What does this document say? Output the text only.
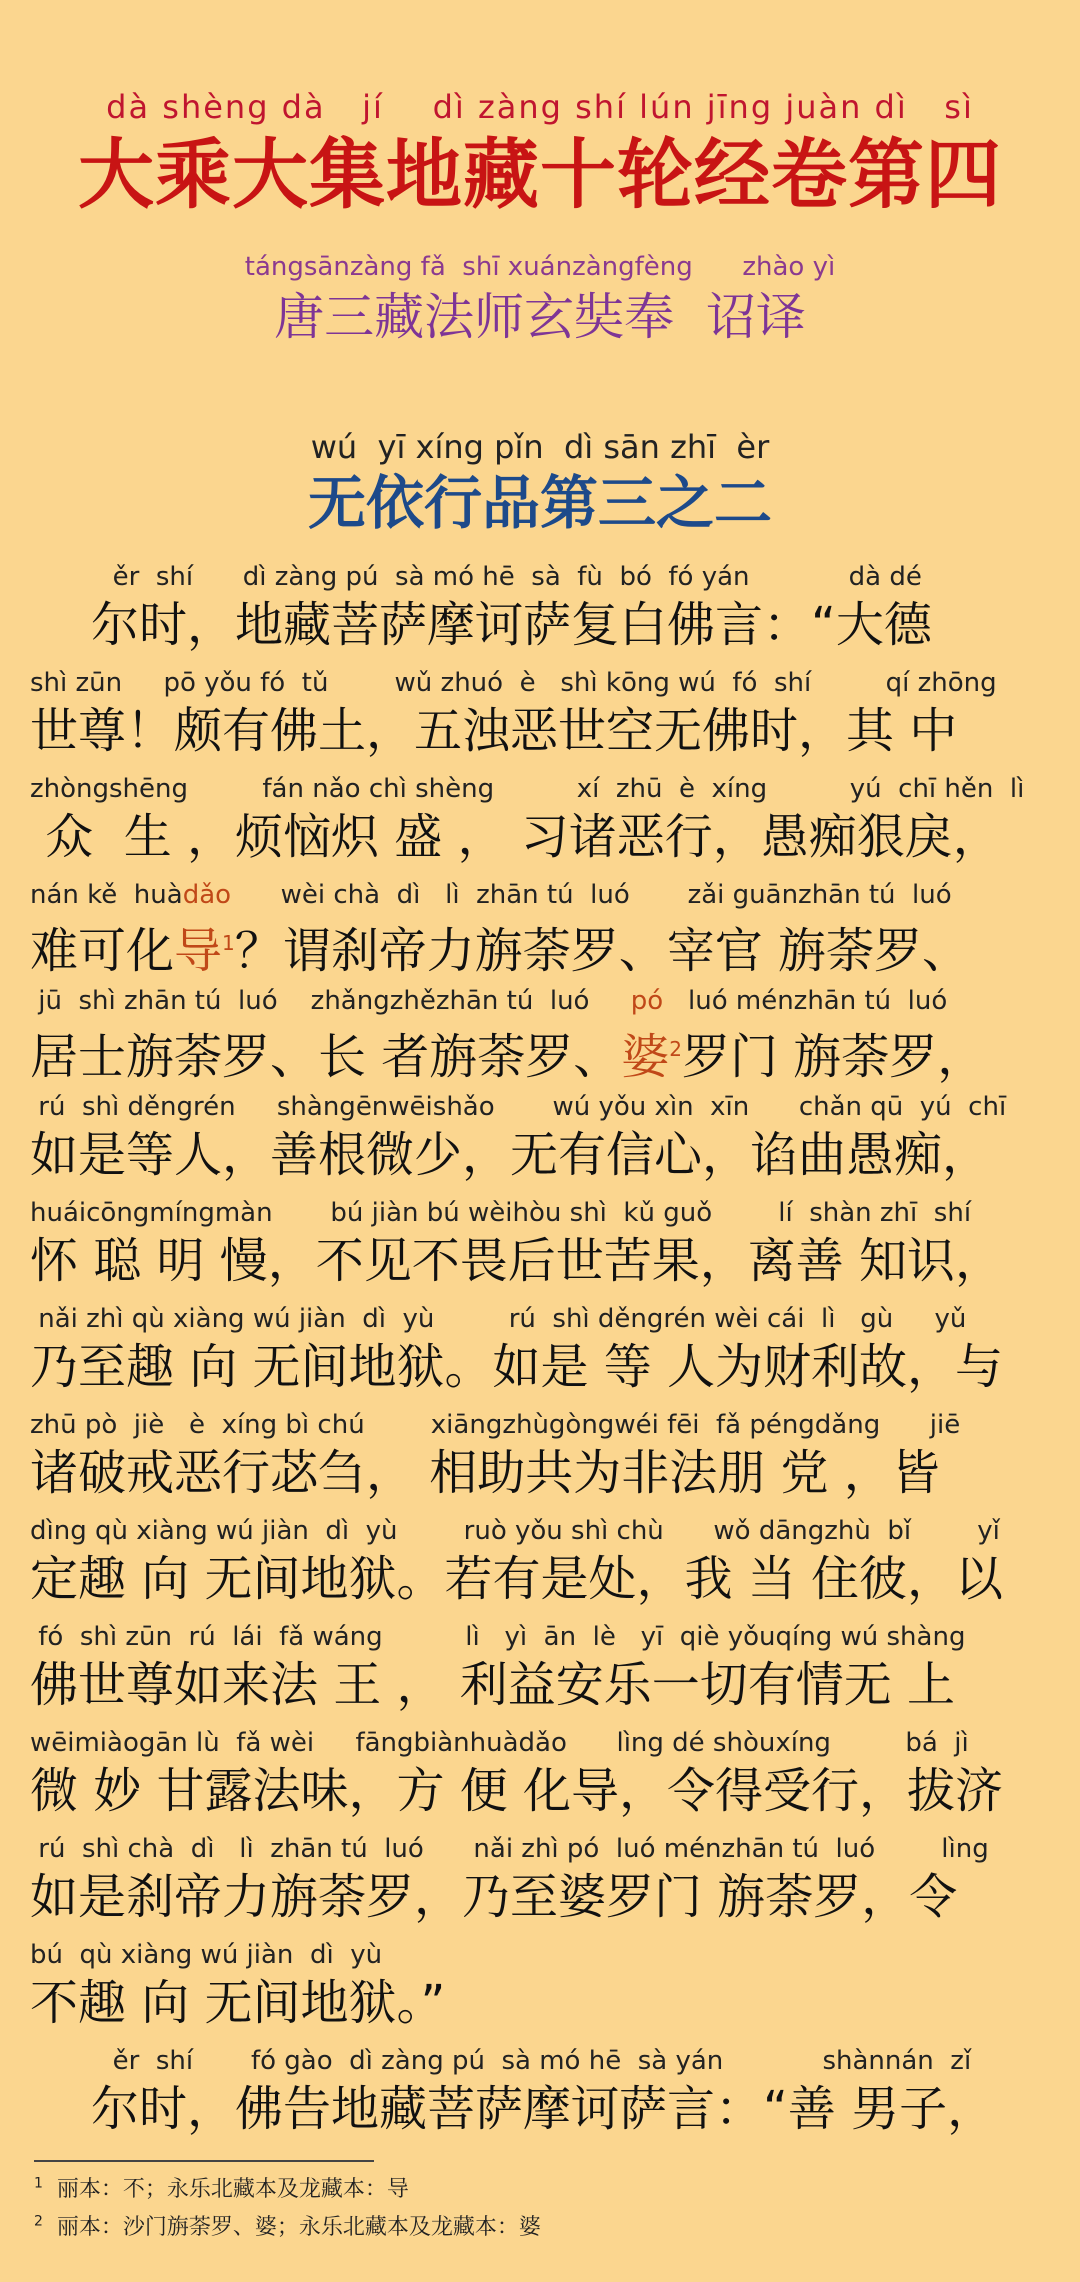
dà shèng dà   jí    dì zàng shí lún jīng juàn dì   sì
大乘大集地藏十轮经卷第四
tángsānzàng fǎ  shī xuánzàngfèng      zhào yì
唐三藏法师玄奘奉  诏译
wú  yī xíng pǐn  dì sān zhī  èr
无依行品第三之二
ěr  shí      dì zàng pú  sà mó hē  sà  fù  bó  fó yán            dà dé
尔时，地藏菩萨摩诃萨复白佛言：“大德
shì zūn     pō yǒu fó  tǔ        wǔ zhuó  è   shì kōng wú  fó  shí         qí zhōng
世尊！颇有佛土，五浊恶世空无佛时，其 中
zhòngshēng         fán nǎo chì shèng          xí  zhū  è  xíng          yú  chī hěn  lì
众  生 ，烦恼炽 盛 ， 习诸恶行，愚痴狠戾，
nán kě  huàdǎo      wèi chà  dì   lì  zhān tú  luó       zǎi guānzhān tú  luó
难可化导$^1$？谓刹帝力旃荼罗、宰官 旃荼罗、
jū  shì zhān tú  luó    zhǎngzhězhān tú  luó     pó   luó ménzhān tú  luó
居士旃荼罗、长 者旃荼罗、婆$^2$罗门 旃荼罗，
rú  shì děngrén     shàngēnwēishǎo       wú yǒu xìn  xīn      chǎn qū  yú  chī
如是等人，善根微少，无有信心，谄曲愚痴，
huáicōngmíngmàn       bú jiàn bú wèihòu shì  kǔ guǒ        lí  shàn zhī  shí
怀 聪 明 慢，不见不畏后世苦果，离善 知识，
nǎi zhì qù xiàng wú jiàn  dì  yù         rú  shì děngrén wèi cái  lì   gù     yǔ
乃至趣 向 无间地狱。如是 等 人为财利故，与
zhū pò  jiè   è  xíng bì chú        xiāngzhùgòngwéi fēi  fǎ péngdǎng      jiē
诸破戒恶行苾刍， 相助共为非法朋 党 ，皆
dìng qù xiàng wú jiàn  dì  yù        ruò yǒu shì chù      wǒ dāngzhù  bǐ        yǐ
定趣 向 无间地狱。若有是处，我 当 住彼，以
fó  shì zūn  rú  lái  fǎ wáng          lì   yì  ān  lè   yī  qiè yǒuqíng wú shàng
佛世尊如来法 王 ， 利益安乐一切有情无 上
wēimiàogān lù  fǎ wèi     fāngbiànhuàdǎo      lìng dé shòuxíng         bá  jì
微 妙 甘露法味，方 便 化导，令得受行，拔济
rú  shì chà  dì   lì  zhān tú  luó      nǎi zhì pó  luó ménzhān tú  luó        lìng
如是刹帝力旃荼罗，乃至婆罗门 旃荼罗，令
bú  qù xiàng wú jiàn  dì  yù
不趣 向 无间地狱。”
ěr  shí       fó gào  dì zàng pú  sà mó hē  sà yán            shànnán  zǐ
尔时，佛告地藏菩萨摩诃萨言：“善 男子，
$^1$ 丽本：不；永乐北藏本及龙藏本：导
$^2$ 丽本：沙门旃荼罗、婆；永乐北藏本及龙藏本：婆
